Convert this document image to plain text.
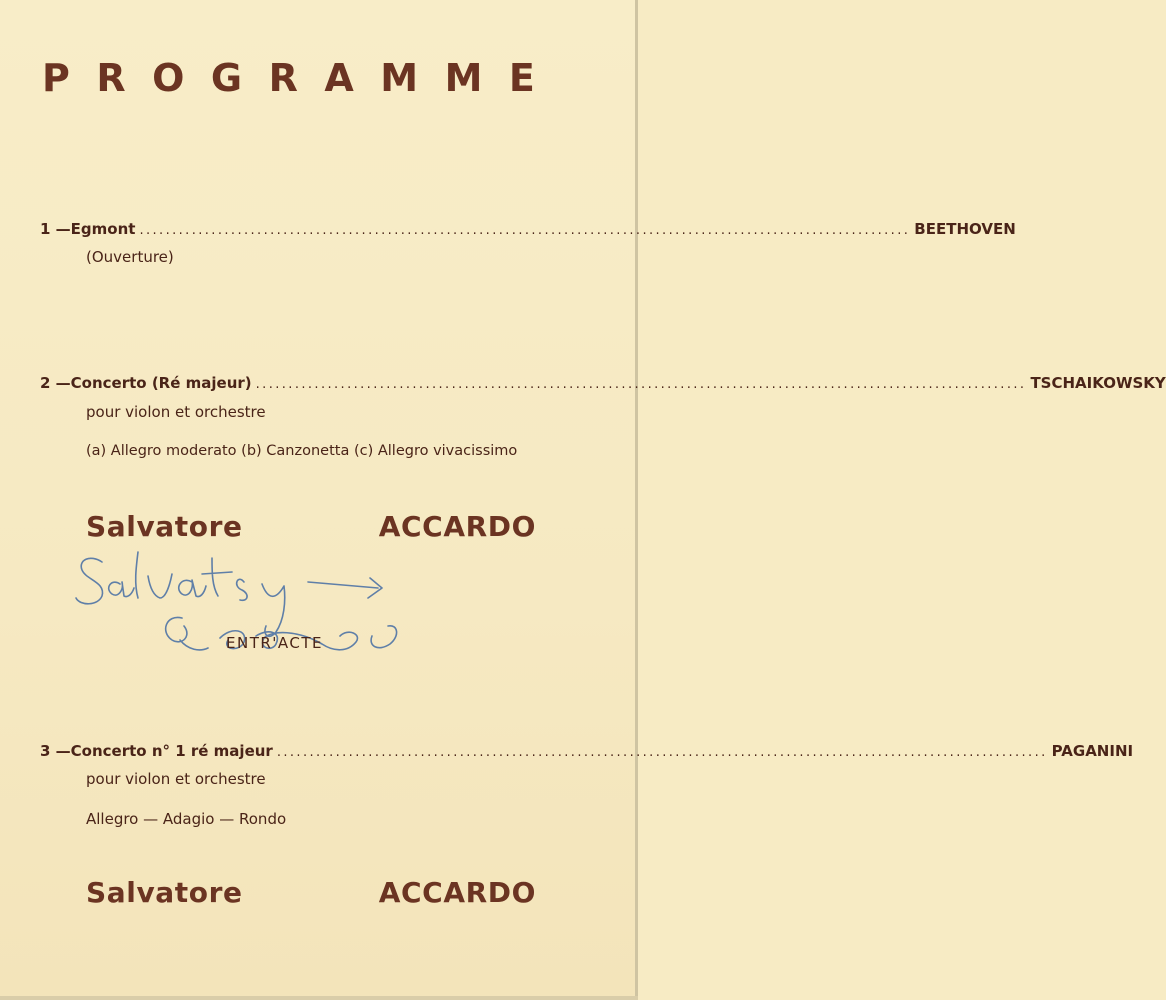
PROGRAMME
1 — Egmont ...................................................................................................................... BEETHOVEN
(Ouverture)
2 — Concerto (Ré majeur) ...................................................................................................................... TSCHAIKOWSKY
pour violon et orchestre
(a) Allegro moderato (b) Canzonetta (c) Allegro vivacissimo
Salvatore	ACCARDO
ENTR'ACTE
3 — Concerto n° 1 ré majeur ...................................................................................................................... PAGANINI
pour violon et orchestre
Allegro — Adagio — Rondo
Salvatore	ACCARDO
